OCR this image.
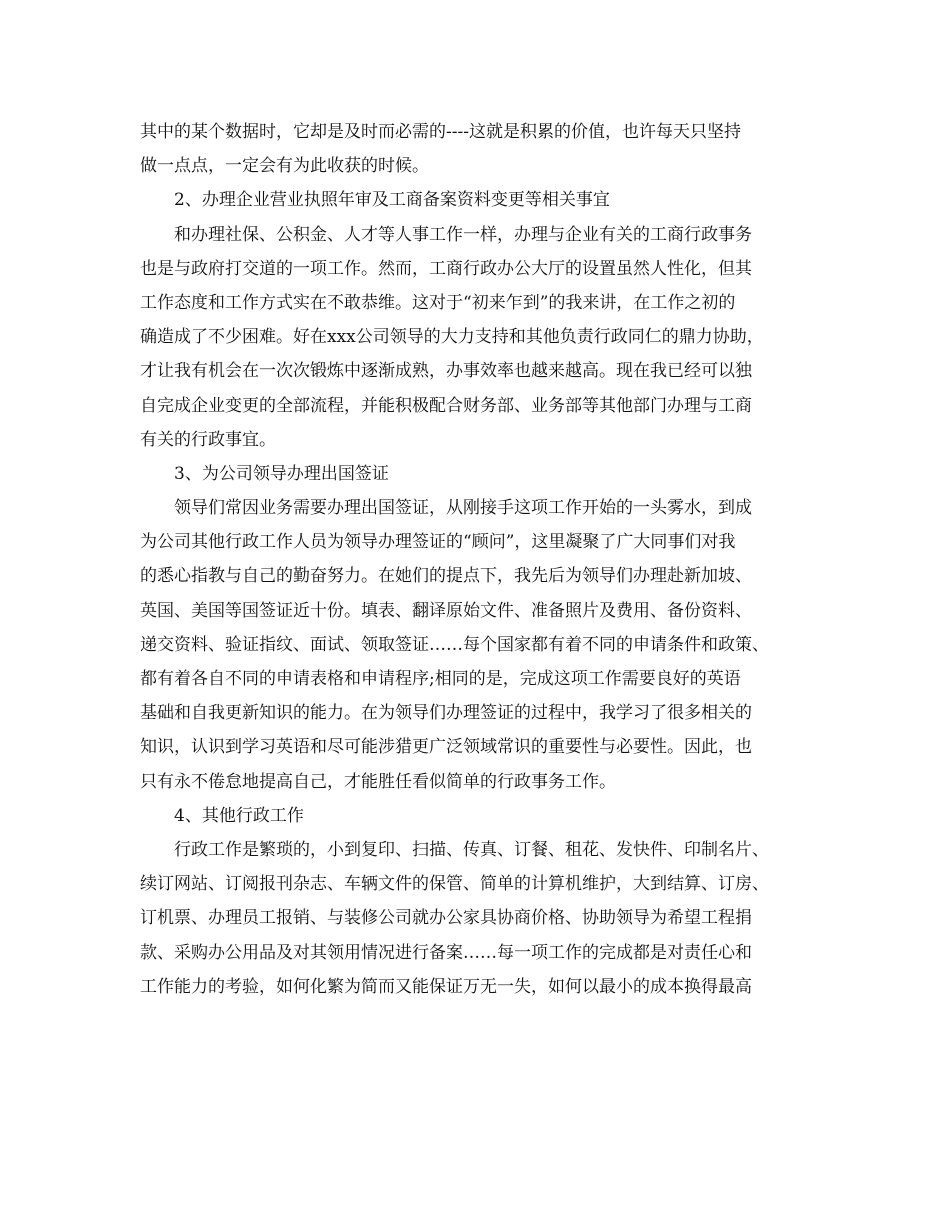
其中的某个数据时，它却是及时而必需的----这就是积累的价值，也许每天只坚持
做一点点，一定会有为此收获的时候。
2、办理企业营业执照年审及工商备案资料变更等相关事宜
和办理社保、公积金、人才等人事工作一样，办理与企业有关的工商行政事务
也是与政府打交道的一项工作。然而，工商行政办公大厅的设置虽然人性化，但其
工作态度和工作方式实在不敢恭维。这对于“初来乍到”的我来讲，在工作之初的
确造成了不少困难。好在xxx公司领导的大力支持和其他负责行政同仁的鼎力协助，
才让我有机会在一次次锻炼中逐渐成熟，办事效率也越来越高。现在我已经可以独
自完成企业变更的全部流程，并能积极配合财务部、业务部等其他部门办理与工商
有关的行政事宜。
3、为公司领导办理出国签证
领导们常因业务需要办理出国签证，从刚接手这项工作开始的一头雾水，到成
为公司其他行政工作人员为领导办理签证的“顾问”，这里凝聚了广大同事们对我
的悉心指教与自己的勤奋努力。在她们的提点下，我先后为领导们办理赴新加坡、
英国、美国等国签证近十份。填表、翻译原始文件、准备照片及费用、备份资料、
递交资料、验证指纹、面试、领取签证……每个国家都有着不同的申请条件和政策、
都有着各自不同的申请表格和申请程序;相同的是，完成这项工作需要良好的英语
基础和自我更新知识的能力。在为领导们办理签证的过程中，我学习了很多相关的
知识，认识到学习英语和尽可能涉猎更广泛领域常识的重要性与必要性。因此，也
只有永不倦怠地提高自己，才能胜任看似简单的行政事务工作。
4、其他行政工作
行政工作是繁琐的，小到复印、扫描、传真、订餐、租花、发快件、印制名片、
续订网站、订阅报刊杂志、车辆文件的保管、简单的计算机维护，大到结算、订房、
订机票、办理员工报销、与装修公司就办公家具协商价格、协助领导为希望工程捐
款、采购办公用品及对其领用情况进行备案……每一项工作的完成都是对责任心和
工作能力的考验，如何化繁为简而又能保证万无一失，如何以最小的成本换得最高
